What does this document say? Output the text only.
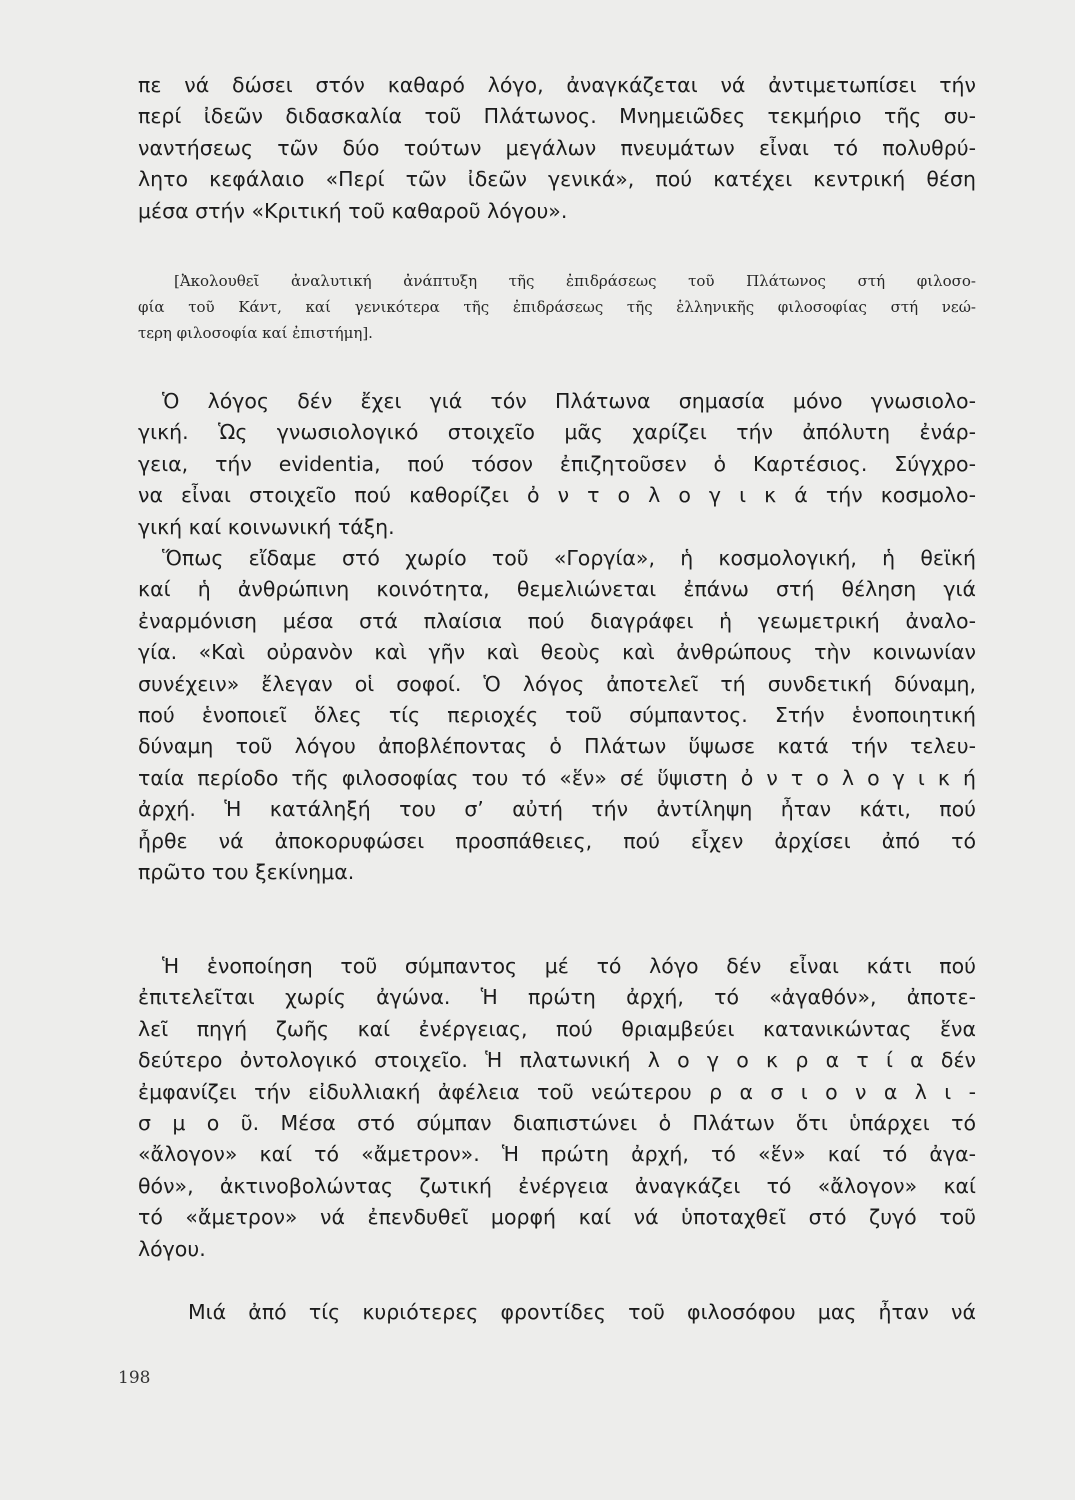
πε νά δώσει στόν καθαρό λόγο, ἀναγκάζεται νά ἀντιμετωπίσει τήν

περί ἰδεῶν διδασκαλία τοῦ Πλάτωνος. Μνημειῶδες τεκμήριο τῆς συ-

ναντήσεως τῶν δύο τούτων μεγάλων πνευμάτων εἶναι τό πολυθρύ-

λητο κεφάλαιο «Περί τῶν ἰδεῶν γενικά», πού κατέχει κεντρική θέση

μέσα στήν «Κριτική τοῦ καθαροῦ λόγου».

[Ἀκολουθεῖ ἀναλυτική ἀνάπτυξη τῆς ἐπιδράσεως τοῦ Πλάτωνος στή φιλοσο-

φία τοῦ Κάντ, καί γενικότερα τῆς ἐπιδράσεως τῆς ἑλληνικῆς φιλοσοφίας στή νεώ-

τερη φιλοσοφία καί ἐπιστήμη].

Ὁ λόγος δέν ἔχει γιά τόν Πλάτωνα σημασία μόνο γνωσιολο-

γική. Ὡς γνωσιολογικό στοιχεῖο μᾶς χαρίζει τήν ἀπόλυτη ἐνάρ-

γεια, τήν evidentia, πού τόσον ἐπιζητοῦσεν ὁ Καρτέσιος. Σύγχρο-

να εἶναι στοιχεῖο πού καθορίζει ὀ ν τ ο λ ο γ ι κ ά τήν κοσμολο-

γική καί κοινωνική τάξη.

Ὅπως εἴδαμε στό χωρίο τοῦ «Γοργία», ἡ κοσμολογική, ἡ θεϊκή

καί ἡ ἀνθρώπινη κοινότητα, θεμελιώνεται ἐπάνω στή θέληση γιά

ἐναρμόνιση μέσα στά πλαίσια πού διαγράφει ἡ γεωμετρική ἀναλο-

γία. «Καὶ οὐρανὸν καὶ γῆν καὶ θεοὺς καὶ ἀνθρώπους τὴν κοινωνίαν

συνέχειν» ἔλεγαν οἱ σοφοί. Ὁ λόγος ἀποτελεῖ τή συνδετική δύναμη,

πού ἑνοποιεῖ ὅλες τίς περιοχές τοῦ σύμπαντος. Στήν ἑνοποιητική

δύναμη τοῦ λόγου ἀποβλέποντας ὁ Πλάτων ὕψωσε κατά τήν τελευ-

ταία περίοδο τῆς φιλοσοφίας του τό «ἕν» σέ ὕψιστη ὀ ν τ ο λ ο γ ι κ ή

ἀρχή. Ἡ κατάληξή του σ’ αὐτή τήν ἀντίληψη ἦταν κάτι, πού

ἦρθε νά ἀποκορυφώσει προσπάθειες, πού εἶχεν ἀρχίσει ἀπό τό

πρῶτο του ξεκίνημα.

Ἡ ἑνοποίηση τοῦ σύμπαντος μέ τό λόγο δέν εἶναι κάτι πού

ἐπιτελεῖται χωρίς ἀγώνα. Ἡ πρώτη ἀρχή, τό «ἀγαθόν», ἀποτε-

λεῖ πηγή ζωῆς καί ἐνέργειας, πού θριαμβεύει κατανικώντας ἕνα

δεύτερο ὀντολογικό στοιχεῖο. Ἡ πλατωνική λ ο γ ο κ ρ α τ ί α δέν

ἐμφανίζει τήν εἰδυλλιακή ἀφέλεια τοῦ νεώτερου ρ α σ ι ο ν α λ ι -

σ μ ο ῦ. Μέσα στό σύμπαν διαπιστώνει ὁ Πλάτων ὅτι ὑπάρχει τό

«ἄλογον» καί τό «ἄμετρον». Ἡ πρώτη ἀρχή, τό «ἕν» καί τό ἀγα-

θόν», ἀκτινοβολώντας ζωτική ἐνέργεια ἀναγκάζει τό «ἄλογον» καί

τό «ἄμετρον» νά ἐπενδυθεῖ μορφή καί νά ὑποταχθεῖ στό ζυγό τοῦ

λόγου.

Μιά ἀπό τίς κυριότερες φροντίδες τοῦ φιλοσόφου μας ἦταν νά

198
